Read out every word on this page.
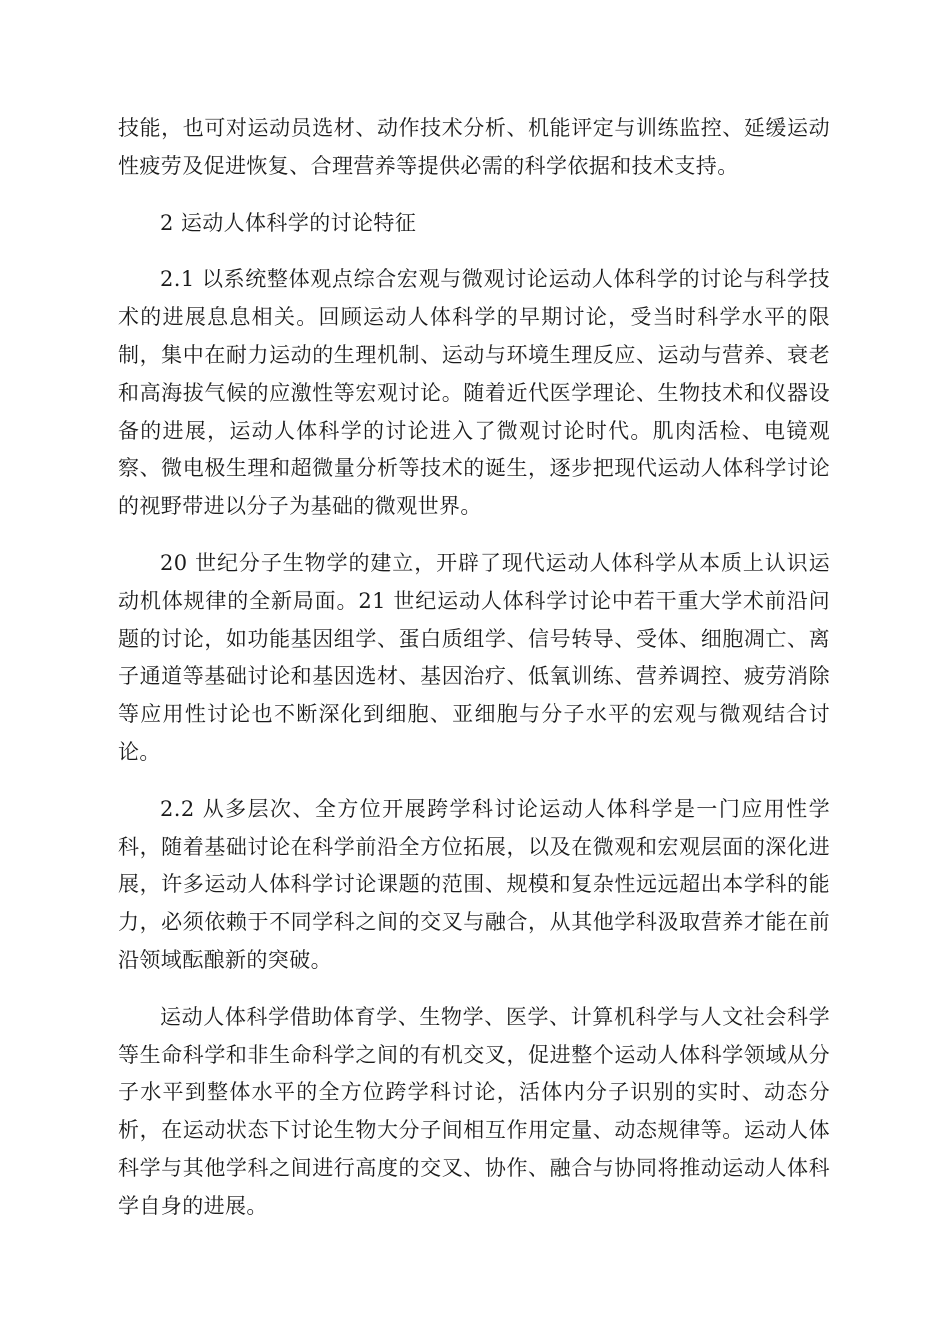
技能，也可对运动员选材、动作技术分析、机能评定与训练监控、延缓运动性疲劳及促进恢复、合理营养等提供必需的科学依据和技术支持。

2 运动人体科学的讨论特征

2.1 以系统整体观点综合宏观与微观讨论运动人体科学的讨论与科学技术的进展息息相关。回顾运动人体科学的早期讨论，受当时科学水平的限制，集中在耐力运动的生理机制、运动与环境生理反应、运动与营养、衰老和高海拔气候的应激性等宏观讨论。随着近代医学理论、生物技术和仪器设备的进展，运动人体科学的讨论进入了微观讨论时代。肌肉活检、电镜观察、微电极生理和超微量分析等技术的诞生，逐步把现代运动人体科学讨论的视野带进以分子为基础的微观世界。

20 世纪分子生物学的建立，开辟了现代运动人体科学从本质上认识运动机体规律的全新局面。21 世纪运动人体科学讨论中若干重大学术前沿问题的讨论，如功能基因组学、蛋白质组学、信号转导、受体、细胞凋亡、离子通道等基础讨论和基因选材、基因治疗、低氧训练、营养调控、疲劳消除等应用性讨论也不断深化到细胞、亚细胞与分子水平的宏观与微观结合讨论。

2.2 从多层次、全方位开展跨学科讨论运动人体科学是一门应用性学科，随着基础讨论在科学前沿全方位拓展，以及在微观和宏观层面的深化进展，许多运动人体科学讨论课题的范围、规模和复杂性远远超出本学科的能力，必须依赖于不同学科之间的交叉与融合，从其他学科汲取营养才能在前沿领域酝酿新的突破。

运动人体科学借助体育学、生物学、医学、计算机科学与人文社会科学等生命科学和非生命科学之间的有机交叉，促进整个运动人体科学领域从分子水平到整体水平的全方位跨学科讨论，活体内分子识别的实时、动态分析，在运动状态下讨论生物大分子间相互作用定量、动态规律等。运动人体科学与其他学科之间进行高度的交叉、协作、融合与协同将推动运动人体科学自身的进展。
